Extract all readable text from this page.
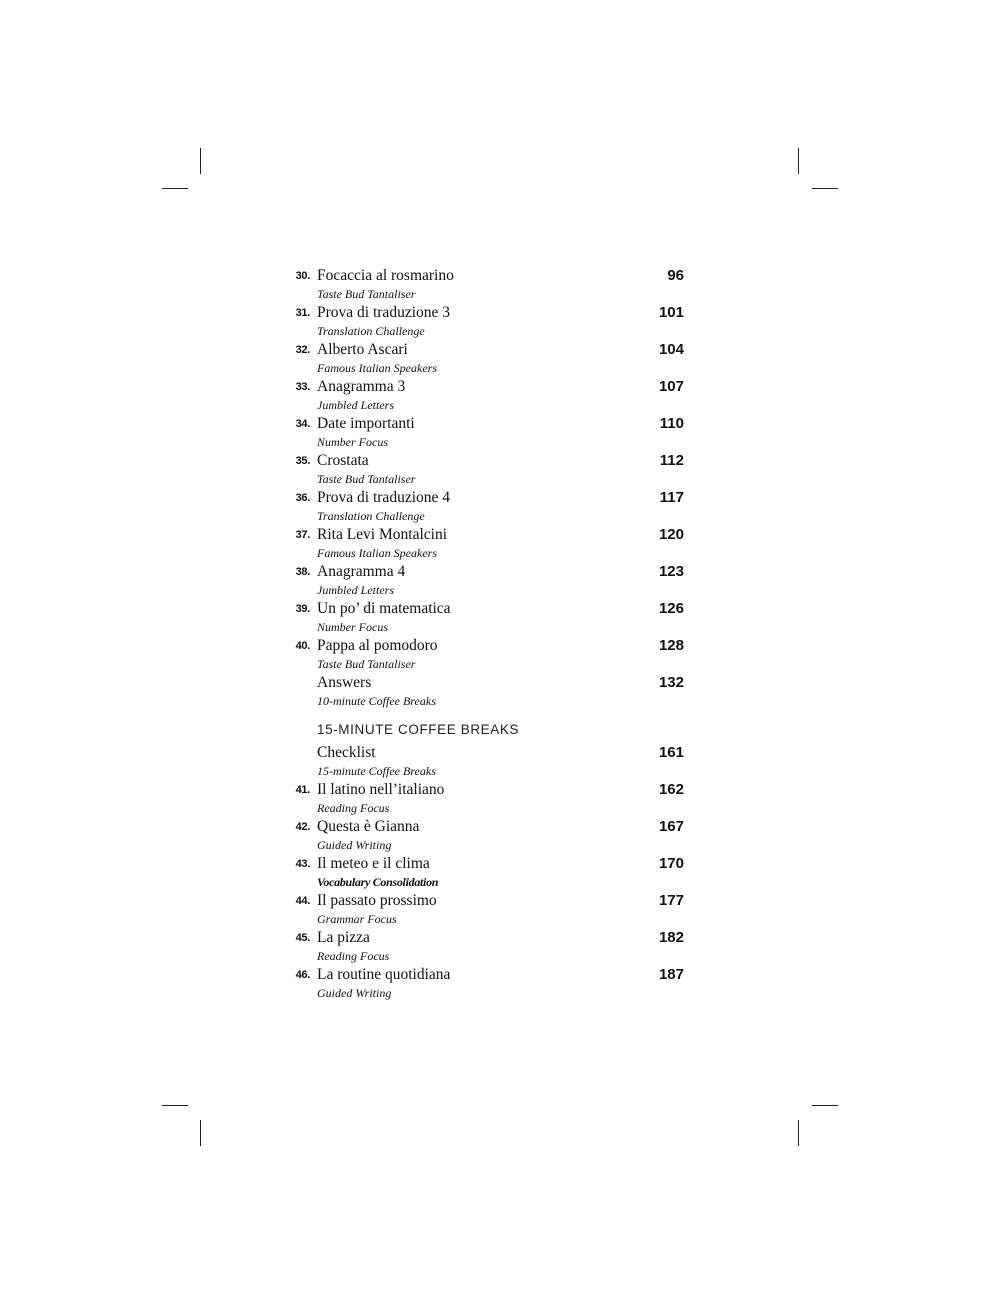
30. Focaccia al rosmarino
Taste Bud Tantaliser
96
31. Prova di traduzione 3
Translation Challenge
101
32. Alberto Ascari
Famous Italian Speakers
104
33. Anagramma 3
Jumbled Letters
107
34. Date importanti
Number Focus
110
35. Crostata
Taste Bud Tantaliser
112
36. Prova di traduzione 4
Translation Challenge
117
37. Rita Levi Montalcini
Famous Italian Speakers
120
38. Anagramma 4
Jumbled Letters
123
39. Un po’ di matematica
Number Focus
126
40. Pappa al pomodoro
Taste Bud Tantaliser
128
Answers
10-minute Coffee Breaks
132
15-MINUTE COFFEE BREAKS
Checklist
15-minute Coffee Breaks
161
41. Il latino nell’italiano
Reading Focus
162
42. Questa è Gianna
Guided Writing
167
43. Il meteo e il clima
Vocabulary Consolidation
170
44. Il passato prossimo
Grammar Focus
177
45. La pizza
Reading Focus
182
46. La routine quotidiana
Guided Writing
187
